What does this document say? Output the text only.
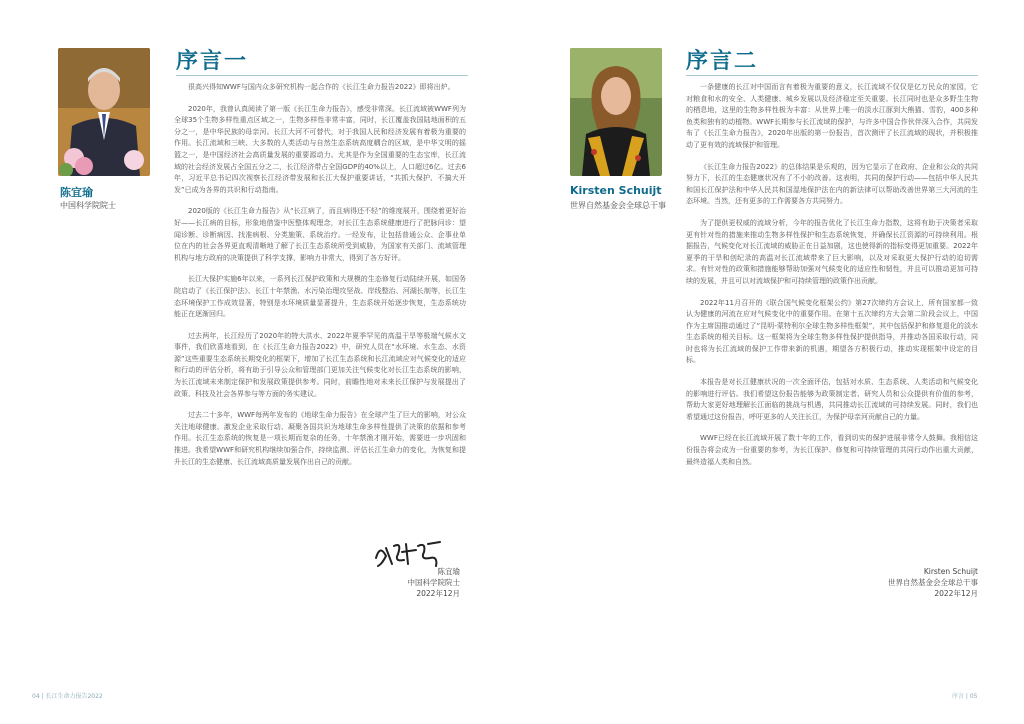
陈宜瑜
中国科学院院士
序言一

很高兴得知WWF与国内众多研究机构一起合作的《长江生命力报告2022》即将出炉。

2020年，我曾认真阅读了第一版《长江生命力报告》，感受非常深。长江流域被WWF列为全球35个生物多样性重点区域之一，生物多样性非常丰富，同时，长江覆盖我国陆地面积的五分之一，是中华民族的母亲河。长江大河不可替代，对于我国人民和经济发展有着极为重要的作用。长江流域和三峡、大多数的人类活动与自然生态系统高度耦合的区域，是中华文明的摇篮之一，是中国经济社会高质量发展的重要源动力。尤其是作为全国重要的生态宝库，长江流域的社会经济发展占全国五分之二，长江经济带占全国GDP的40%以上，人口超过6亿。过去6年，习近平总书记四次视察长江经济带发展和长江大保护重要讲话，“共抓大保护、不搞大开发”已成为各界的共识和行动指南。

2020版的《长江生命力报告》从“长江病了，而且病得还不轻”的维度展开，围绕着更好治好——长江病的目标，形象地借鉴中医整体观理念，对长江生态系统健康进行了把脉问诊：望闻诊断、诊断病因、找准病根、分类施策、系统治疗。一经发布，让包括普通公众、企事业单位在内的社会各界更直观清晰地了解了长江生态系统所受到威胁，为国家有关部门、流域管理机构与地方政府的决策提供了科学支撑，影响力非常大，得到了各方好评。

长江大保护实施6年以来，一系列长江保护政策和大规模的生态修复行动陆续开展，如国务院启动了《长江保护法》、长江十年禁渔、水污染治理攻坚战、岸线整治、河湖长制等，长江生态环境保护工作成效显著，特别是水环境质量显著提升，生态系统开始逐步恢复，生态系统功能正在逐渐回归。

过去两年，长江经历了2020年的特大洪水、2022年夏季罕见的高温干旱等极端气候水文事件，我们欣喜地看到，在《长江生命力报告2022》中，研究人员在“水环境、水生态、水资源”这些重要生态系统长期变化的框架下，增加了长江生态系统和长江流域应对气候变化的适应和行动的评估分析，将有助于引导公众和管理部门更加关注气候变化对长江生态系统的影响，为长江流域未来制定保护和发展政策提供参考。同时，前瞻性地对未来长江保护与发展提出了政策、科技及社会各界参与等方面的务实建议。

过去二十多年，WWF每两年发布的《地球生命力报告》在全球产生了巨大的影响，对公众关注地球健康、激发企业采取行动、凝聚各国共识为地球生命多样性提供了决策的依据和参考作用。长江生态系统的恢复是一项长期而复杂的任务，十年禁渔才刚开始，需要进一步巩固和推进。我希望WWF和研究机构继续加强合作，持续监测、评估长江生命力的变化，为恢复和提升长江的生态健康、长江流域高质量发展作出自己的贡献。

陈宜瑜
中国科学院院士
2022年12月
04 | 长江生命力报告2022
Kirsten Schuijt
世界自然基金会全球总干事
序言二

一条健康的长江对中国而言有着极为重要的意义，长江流域不仅仅是亿万民众的家园，它对粮食和水的安全、人类健康、城乡发展以及经济稳定至关重要。长江同时也是众多野生生物的栖息地，这里的生物多样性极为丰富：从世界上唯一的淡水江豚到大熊猫、雪豹，400多种鱼类和独有的动植物。WWF长期参与长江流域的保护，与许多中国合作伙伴深入合作，共同发布了《长江生命力报告》，2020年出版的第一份报告，首次测评了长江流域的现状，并积极推动了更有效的流域保护和管理。

《长江生命力报告2022》的总体结果是乐观的，因为它显示了在政府、企业和公众的共同努力下，长江的生态健康状况有了不小的改善。这表明，共同的保护行动——包括中华人民共和国长江保护法和中华人民共和国湿地保护法在内的新法律可以帮助改善世界第三大河流的生态环境。当然，还有更多的工作需要各方共同努力。

为了提供更权威的流域分析，今年的报告优化了长江生命力指数，这将有助于决策者采取更有针对性的措施来推动生物多样性保护和生态系统恢复，并确保长江资源的可持续利用。根据报告，气候变化对长江流域的威胁正在日益加剧，这也使得新的指标变得更加重要。2022年夏季的干旱和创纪录的高温对长江流域带来了巨大影响，以及对采取更大保护行动的迫切需求。有针对性的政策和措施能够帮助加强对气候变化的适应性和韧性，并且可以推动更加可持续的发展，并且可以对流域保护和可持续管理的政策作出贡献。

2022年11月召开的《联合国气候变化框架公约》第27次缔约方会议上，所有国家都一致认为健康的河流在应对气候变化中的重要作用。在第十五次缔约方大会第二阶段会议上，中国作为主席国推动通过了“昆明-蒙特利尔全球生物多样性框架”，其中包括保护和修复退化的淡水生态系统的相关目标。这一框架将为全球生物多样性保护提供指导，并推动各国采取行动，同时也将为长江流域的保护工作带来新的机遇，期望各方积极行动，推动实现框架中设定的目标。

本报告是对长江健康状况的一次全面评估，包括对水质、生态系统、人类活动和气候变化的影响进行评估。我们希望这份报告能够为政策制定者、研究人员和公众提供有价值的参考，帮助大家更好地理解长江面临的挑战与机遇，共同推动长江流域的可持续发展。同时，我们也希望通过这份报告，呼吁更多的人关注长江，为保护母亲河贡献自己的力量。

WWF已经在长江流域开展了数十年的工作，看到切实的保护进展非常令人鼓舞。我相信这份报告将会成为一份重要的参考，为长江保护、修复和可持续管理的共同行动作出重大贡献，最终造福人类和自然。

Kirsten Schuijt
世界自然基金会全球总干事
2022年12月
序言 | 05
